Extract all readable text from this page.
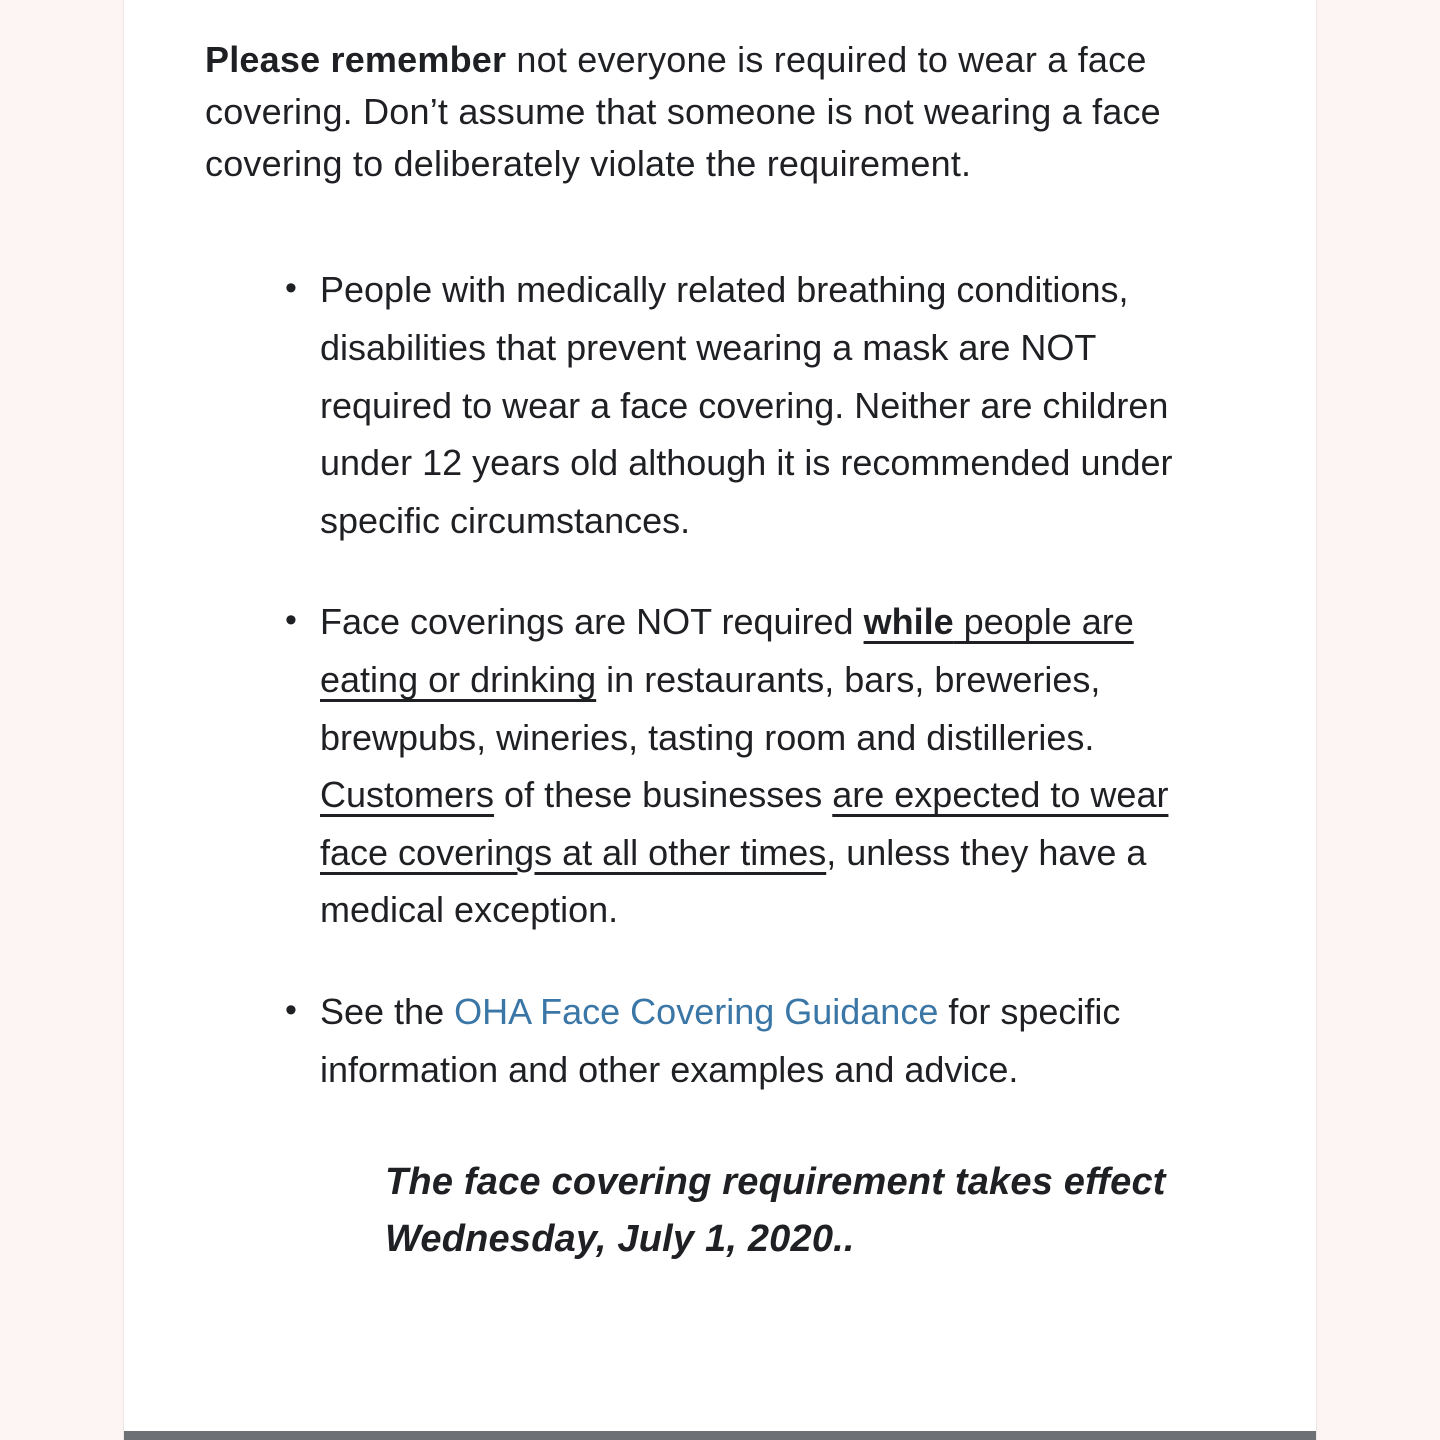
Please remember not everyone is required to wear a face covering. Don’t assume that someone is not wearing a face covering to deliberately violate the requirement.

• People with medically related breathing conditions, disabilities that prevent wearing a mask are NOT required to wear a face covering. Neither are children under 12 years old although it is recommended under specific circumstances.
• Face coverings are NOT required while people are eating or drinking in restaurants, bars, breweries, brewpubs, wineries, tasting room and distilleries. Customers of these businesses are expected to wear face coverings at all other times, unless they have a medical exception.
• See the OHA Face Covering Guidance for specific information and other examples and advice.

The face covering requirement takes effect Wednesday, July 1, 2020..
